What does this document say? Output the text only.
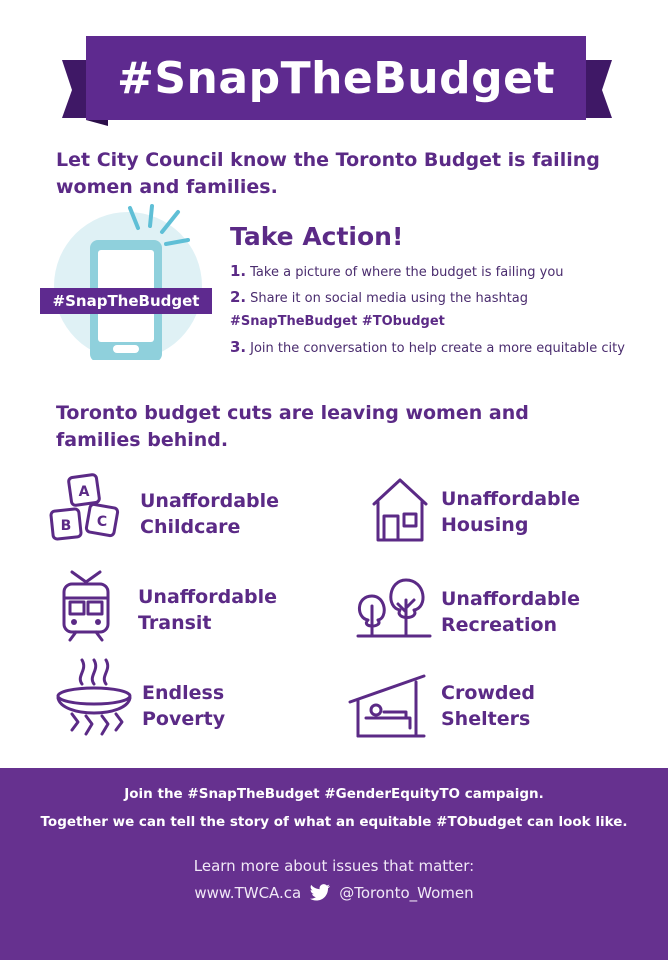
#SnapTheBudget
Let City Council know the Toronto Budget is failing women and families.
#SnapTheBudget
Take Action!
1. Take a picture of where the budget is failing you
2. Share it on social media using the hashtag
#SnapTheBudget #TObudget
3. Join the conversation to help create a more equitable city
Toronto budget cuts are leaving women and families behind.
A
B C
Unaffordable
Childcare
Unaffordable
Housing
Unaffordable
Transit
Unaffordable
Recreation
Endless
Poverty
Crowded
Shelters
Join the #SnapTheBudget #GenderEquityTO campaign.
Together we can tell the story of what an equitable #TObudget can look like.
Learn more about issues that matter:
www.TWCA.ca	@Toronto_Women
